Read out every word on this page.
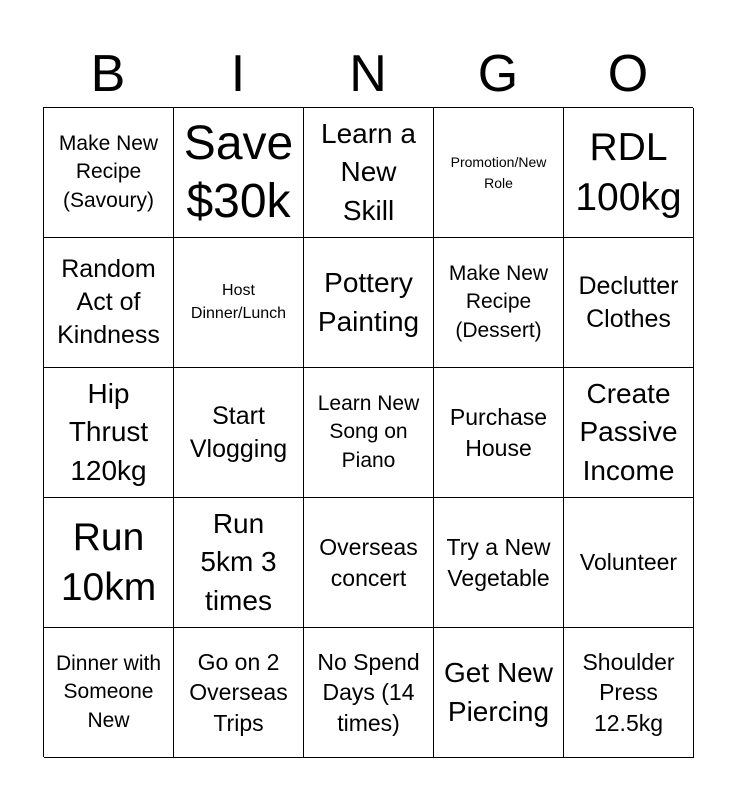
B	I	N	G	O
Make New Recipe (Savoury)
Save $30k
Learn a New Skill
Promotion/New Role
RDL 100kg
Random Act of Kindness
Host Dinner/Lunch
Pottery Painting
Make New Recipe (Dessert)
Declutter Clothes
Hip Thrust 120kg
Start Vlogging
Learn New Song on Piano
Purchase House
Create Passive Income
Run 10km
Run 5km 3 times
Overseas concert
Try a New Vegetable
Volunteer
Dinner with Someone New
Go on 2 Overseas Trips
No Spend Days (14 times)
Get New Piercing
Shoulder Press 12.5kg
